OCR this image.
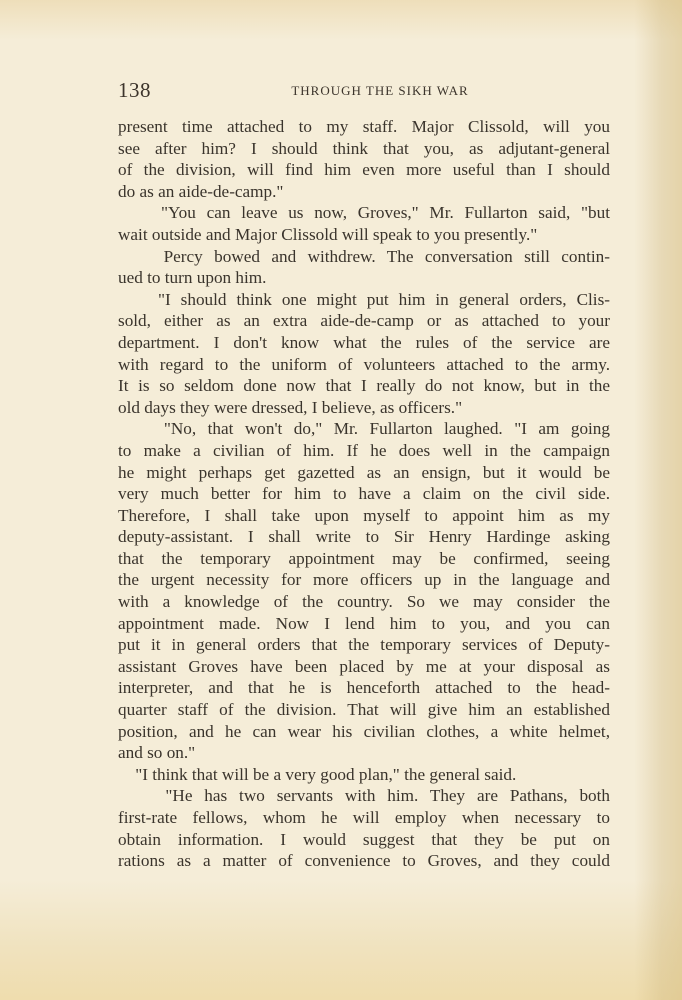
138	THROUGH THE SIKH WAR
present time attached to my staff. Major Clissold, will you
see after him? I should think that you, as adjutant-general
of the division, will find him even more useful than I should
do as an aide-de-camp."
"You can leave us now, Groves," Mr. Fullarton said, "but
wait outside and Major Clissold will speak to you presently."
Percy bowed and withdrew. The conversation still contin-
ued to turn upon him.
"I should think one might put him in general orders, Clis-
sold, either as an extra aide-de-camp or as attached to your
department. I don't know what the rules of the service are
with regard to the uniform of volunteers attached to the army.
It is so seldom done now that I really do not know, but in the
old days they were dressed, I believe, as officers."
"No, that won't do," Mr. Fullarton laughed. "I am going
to make a civilian of him. If he does well in the campaign
he might perhaps get gazetted as an ensign, but it would be
very much better for him to have a claim on the civil side.
Therefore, I shall take upon myself to appoint him as my
deputy-assistant. I shall write to Sir Henry Hardinge asking
that the temporary appointment may be confirmed, seeing
the urgent necessity for more officers up in the language and
with a knowledge of the country. So we may consider the
appointment made. Now I lend him to you, and you can
put it in general orders that the temporary services of Deputy-
assistant Groves have been placed by me at your disposal as
interpreter, and that he is henceforth attached to the head-
quarter staff of the division. That will give him an established
position, and he can wear his civilian clothes, a white helmet,
and so on."
"I think that will be a very good plan," the general said.
"He has two servants with him. They are Pathans, both
first-rate fellows, whom he will employ when necessary to
obtain information. I would suggest that they be put on
rations as a matter of convenience to Groves, and they could
